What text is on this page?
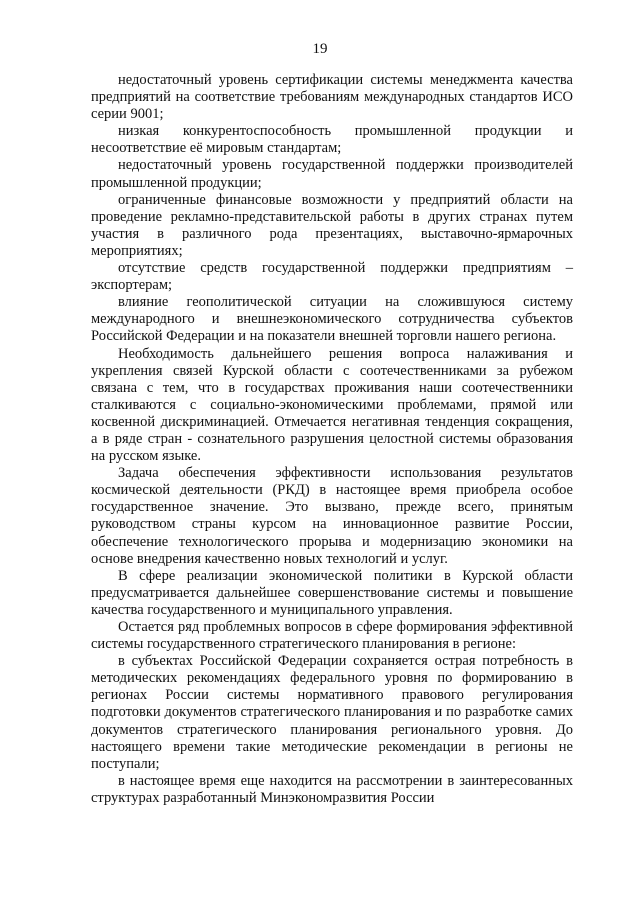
19

недостаточный уровень сертификации системы менеджмента качества предприятий на соответствие требованиям международных стандартов ИСО серии 9001;

низкая конкурентоспособность промышленной продукции и несоответствие её мировым стандартам;

недостаточный уровень государственной поддержки производителей промышленной продукции;

ограниченные финансовые возможности у предприятий области на проведение рекламно-представительской работы в других странах путем участия в различного рода презентациях, выставочно-ярмарочных мероприятиях;

отсутствие средств государственной поддержки предприятиям – экспортерам;

влияние геополитической ситуации на сложившуюся систему международного и внешнеэкономического сотрудничества субъектов Российской Федерации и на показатели внешней торговли нашего региона.

Необходимость дальнейшего решения вопроса налаживания и укрепления связей Курской области с соотечественниками за рубежом связана с тем, что в государствах проживания наши соотечественники сталкиваются с социально-экономическими проблемами, прямой или косвенной дискриминацией. Отмечается негативная тенденция сокращения, а в ряде стран - сознательного разрушения целостной системы образования на русском языке.

Задача обеспечения эффективности использования результатов космической деятельности (РКД) в настоящее время приобрела особое государственное значение. Это вызвано, прежде всего, принятым руководством страны курсом на инновационное развитие России, обеспечение технологического прорыва и модернизацию экономики на основе внедрения качественно новых технологий и услуг.

В сфере реализации экономической политики в Курской области предусматривается дальнейшее совершенствование системы и повышение качества государственного и муниципального управления.

Остается ряд проблемных вопросов в сфере формирования эффективной системы государственного стратегического планирования в регионе:

в субъектах Российской Федерации сохраняется острая потребность в методических рекомендациях федерального уровня по формированию в регионах России системы нормативного правового регулирования подготовки документов стратегического планирования и по разработке самих документов стратегического планирования регионального уровня. До настоящего времени такие методические рекомендации в регионы не поступали;

в настоящее время еще находится на рассмотрении в заинтересованных структурах разработанный Минэкономразвития России
